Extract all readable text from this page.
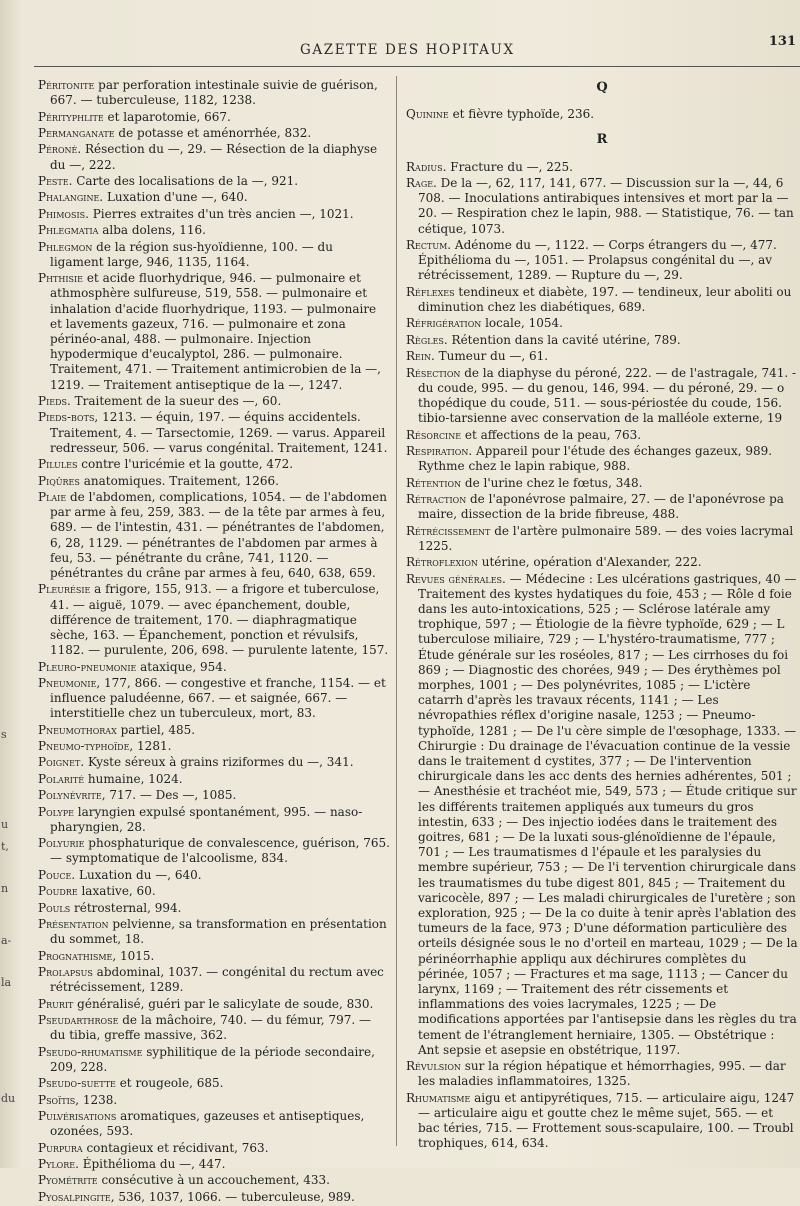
s
u
t,
n
a-
la
du
GAZETTE DES HOPITAUX
131

Péritonite par perforation intestinale suivie de guérison, 667. — tuberculeuse, 1182, 1238.

Pérityphlite et laparotomie, 667.

Permanganate de potasse et aménorrhée, 832.

Péroné. Résection du —, 29. — Résection de la diaphyse du —, 222.

Peste. Carte des localisations de la —, 921.

Phalangine. Luxation d'une —, 640.

Phimosis. Pierres extraites d'un très ancien —, 1021.

Phlegmatia alba dolens, 116.

Phlegmon de la région sus-hyoïdienne, 100. — du ligament large, 946, 1135, 1164.

Phthisie et acide fluorhydrique, 946. — pulmonaire et athmosphère sulfureuse, 519, 558. — pulmonaire et inhalation d'acide fluorhydrique, 1193. — pulmonaire et lavements gazeux, 716. — pulmonaire et zona périnéo-anal, 488. — pulmonaire. Injection hypodermique d'eucalyptol, 286. — pulmonaire. Traitement, 471. — Traitement antimicrobien de la —, 1219. — Traitement antiseptique de la —, 1247.

Pieds. Traitement de la sueur des —, 60.

Pieds-bots, 1213. — équin, 197. — équins accidentels. Traitement, 4. — Tarsectomie, 1269. — varus. Appareil redresseur, 506. — varus congénital. Traitement, 1241.

Pilules contre l'uricémie et la goutte, 472.

Piqûres anatomiques. Traitement, 1266.

Plaie de l'abdomen, complications, 1054. — de l'abdomen par arme à feu, 259, 383. — de la tête par armes à feu, 689. — de l'intestin, 431. — pénétrantes de l'abdomen, 6, 28, 1129. — pénétrantes de l'abdomen par armes à feu, 53. — pénétrante du crâne, 741, 1120. — pénétrantes du crâne par armes à feu, 640, 638, 659.

Pleurésie a frigore, 155, 913. — a frigore et tuberculose, 41. — aiguë, 1079. — avec épanchement, double, différence de traitement, 170. — diaphragmatique sèche, 163. — Épanchement, ponction et révulsifs, 1182. — purulente, 206, 698. — purulente latente, 157.

Pleuro-pneumonie ataxique, 954.

Pneumonie, 177, 866. — congestive et franche, 1154. — et influence paludéenne, 667. — et saignée, 667. — interstitielle chez un tuberculeux, mort, 83.

Pneumothorax partiel, 485.

Pneumo-typhoïde, 1281.

Poignet. Kyste séreux à grains riziformes du —, 341.

Polarité humaine, 1024.

Polynévrite, 717. — Des —, 1085.

Polype laryngien expulsé spontanément, 995. — naso-pharyngien, 28.

Polyurie phosphaturique de convalescence, guérison, 765. — symptomatique de l'alcoolisme, 834.

Pouce. Luxation du —, 640.

Poudre laxative, 60.

Pouls rétrosternal, 994.

Présentation pelvienne, sa transformation en présentation du sommet, 18.

Prognathisme, 1015.

Prolapsus abdominal, 1037. — congénital du rectum avec rétrécissement, 1289.

Prurit généralisé, guéri par le salicylate de soude, 830.

Pseudarthrose de la mâchoire, 740. — du fémur, 797. — du tibia, greffe massive, 362.

Pseudo-rhumatisme syphilitique de la période secondaire, 209, 228.

Pseudo-suette et rougeole, 685.

Psoïtis, 1238.

Pulvérisations aromatiques, gazeuses et antiseptiques, ozonées, 593.

Purpura contagieux et récidivant, 763.

Pylore. Épithélioma du —, 447.

Pyométrite consécutive à un accouchement, 433.

Pyosalpingite, 536, 1037, 1066. — tuberculeuse, 989.

Q

Quinine et fièvre typhoïde, 236.

R

Radius. Fracture du —, 225.

Rage. De la —, 62, 117, 141, 677. — Discussion sur la —, 44, 6 708. — Inoculations antirabiques intensives et mort par la — 20. — Respiration chez le lapin, 988. — Statistique, 76. — tan cétique, 1073.

Rectum. Adénome du —, 1122. — Corps étrangers du —, 477. Épithélioma du —, 1051. — Prolapsus congénital du —, av rétrécissement, 1289. — Rupture du —, 29.

Réflexes tendineux et diabète, 197. — tendineux, leur aboliti ou diminution chez les diabétiques, 689.

Réfrigération locale, 1054.

Règles. Rétention dans la cavité utérine, 789.

Rein. Tumeur du —, 61.

Résection de la diaphyse du péroné, 222. — de l'astragale, 741. - du coude, 995. — du genou, 146, 994. — du péroné, 29. — o thopédique du coude, 511. — sous-périostée du coude, 156. tibio-tarsienne avec conservation de la malléole externe, 19

Résorcine et affections de la peau, 763.

Respiration. Appareil pour l'étude des échanges gazeux, 989. Rythme chez le lapin rabique, 988.

Rétention de l'urine chez le fœtus, 348.

Rétraction de l'aponévrose palmaire, 27. — de l'aponévrose pa maire, dissection de la bride fibreuse, 488.

Rétrécissement de l'artère pulmonaire 589. — des voies lacrymal 1225.

Rétroflexion utérine, opération d'Alexander, 222.

Revues générales. — Médecine : Les ulcérations gastriques, 40 — Traitement des kystes hydatiques du foie, 453 ; — Rôle d foie dans les auto-intoxications, 525 ; — Sclérose latérale amy trophique, 597 ; — Étiologie de la fièvre typhoïde, 629 ; — L tuberculose miliaire, 729 ; — L'hystéro-traumatisme, 777 ; Étude générale sur les roséoles, 817 ; — Les cirrhoses du foi 869 ; — Diagnostic des chorées, 949 ; — Des érythèmes pol morphes, 1001 ; — Des polynévrites, 1085 ; — L'ictère catarrh d'après les travaux récents, 1141 ; — Les névropathies réflex d'origine nasale, 1253 ; — Pneumo-typhoïde, 1281 ; — De l'u cère simple de l'œsophage, 1333. — Chirurgie : Du drainage de l'évacuation continue de la vessie dans le traitement d cystites, 377 ; — De l'intervention chirurgicale dans les acc dents des hernies adhérentes, 501 ; — Anesthésie et trachéot mie, 549, 573 ; — Étude critique sur les différents traitemen appliqués aux tumeurs du gros intestin, 633 ; — Des injectio iodées dans le traitement des goitres, 681 ; — De la luxati sous-glénoïdienne de l'épaule, 701 ; — Les traumatismes d l'épaule et les paralysies du membre supérieur, 753 ; — De l'i tervention chirurgicale dans les traumatismes du tube digest 801, 845 ; — Traitement du varicocèle, 897 ; — Les maladi chirurgicales de l'uretère ; son exploration, 925 ; — De la co duite à tenir après l'ablation des tumeurs de la face, 973 ; D'une déformation particulière des orteils désignée sous le no d'orteil en marteau, 1029 ; — De la périnéorrhaphie appliqu aux déchirures complètes du périnée, 1057 ; — Fractures et ma sage, 1113 ; — Cancer du larynx, 1169 ; — Traitement des rétr cissements et inflammations des voies lacrymales, 1225 ; — De modifications apportées par l'antisepsie dans les règles du tra tement de l'étranglement herniaire, 1305. — Obstétrique : Ant sepsie et asepsie en obstétrique, 1197.

Révulsion sur la région hépatique et hémorrhagies, 995. — dar les maladies inflammatoires, 1325.

Rhumatisme aigu et antipyrétiques, 715. — articulaire aigu, 1247 — articulaire aigu et goutte chez le même sujet, 565. — et bac téries, 715. — Frottement sous-scapulaire, 100. — Troubl trophiques, 614, 634.
